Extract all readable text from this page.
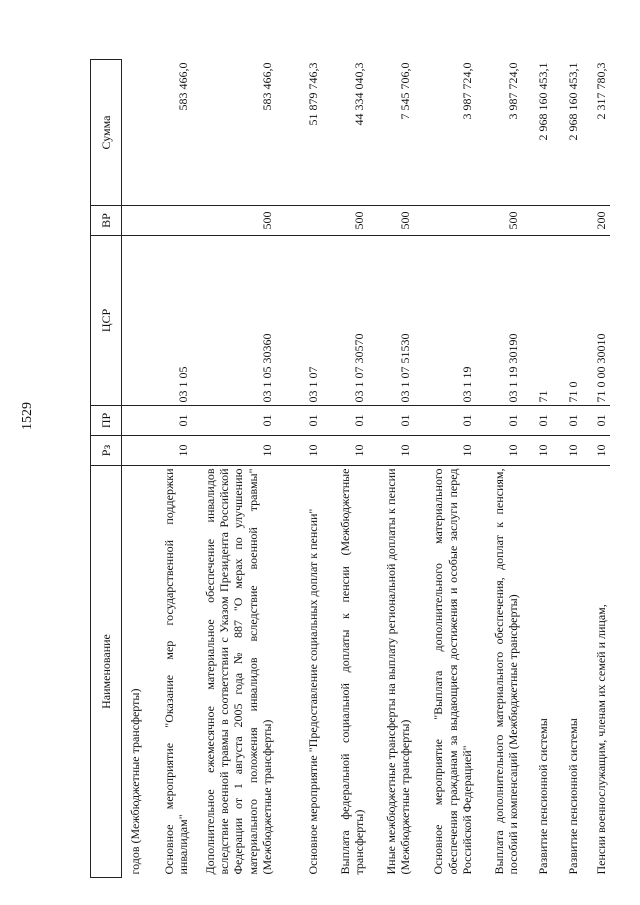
1529
Наименование	Рз	ПР	ЦСР	ВР	Сумма
годов (Межбюджетные трансферты)					
Основное мероприятие "Оказание мер государственной поддержки инвалидам"	10	01	03 1 05		583 466,0
Дополнительное ежемесячное материальное обеспечение инвалидов вследствие военной травмы в соответствии с Указом Президента Российской Федерации от 1 августа 2005 года № 887 "О мерах по улучшению материального положения инвалидов вследствие военной травмы" (Межбюджетные трансферты)	10	01	03 1 05 30360	500	583 466,0
Основное мероприятие "Предоставление социальных доплат к пенсии"	10	01	03 1 07		51 879 746,3
Выплата федеральной социальной доплаты к пенсии (Межбюджетные трансферты)	10	01	03 1 07 30570	500	44 334 040,3
Иные межбюджетные трансферты на выплату региональной доплаты к пенсии (Межбюджетные трансферты)	10	01	03 1 07 51530	500	7 545 706,0
Основное мероприятие "Выплата дополнительного материального обеспечения гражданам за выдающиеся достижения и особые заслуги перед Российской Федерацией"	10	01	03 1 19		3 987 724,0
Выплата дополнительного материального обеспечения, доплат к пенсиям, пособий и компенсаций (Межбюджетные трансферты)	10	01	03 1 19 30190	500	3 987 724,0
Развитие пенсионной системы	10	01	71		2 968 160 453,1
Развитие пенсионной системы	10	01	71 0		2 968 160 453,1
Пенсии военнослужащим, членам их семей и лицам,	10	01	71 0 00 30010	200	2 317 780,3
